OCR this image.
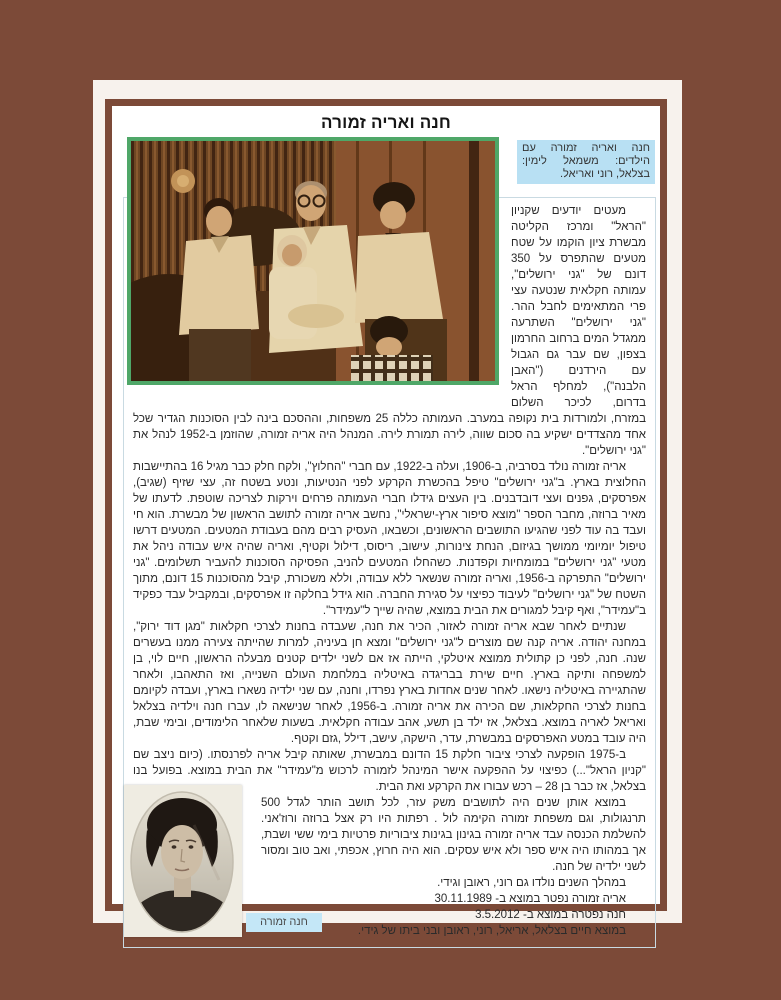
חנה ואריה זמורה
חנה ואריה זמורה עם הילדים: משמאל לימין: בצלאל, רוני ואריאל.

מעטים יודעים שקניון "הראל" ומרכז הקליטה מבשרת ציון הוקמו על שטח מטעים שהתפרס על 350 דונם של "גני ירושלים", עמותה חקלאית שנטעה עצי פרי המתאימים לחבל ההר. "גני ירושלים" השתרעה ממגדל המים ברחוב החרמון בצפון, שם עבר גם הגבול עם הירדנים ("האבן הלבנה"), למחלף הראל בדרום, לכיכר השלום במזרח, ולמורדות בית נקופה במערב. העמותה כללה 25 משפחות, וההסכם בינה לבין הסוכנות הגדיר שכל אחד מהצדדים ישקיע בה סכום שווה, לירה תמורת לירה. המנהל היה אריה זמורה, שהוזמן ב-1952 לנהל את "גני ירושלים".

אריה זמורה נולד בסרביה, ב-1906, ועלה ב-1922, עם חברי "החלוץ", ולקח חלק כבר מגיל 16 בהתיישבות החלוצית בארץ. ב"גני ירושלים" טיפל בהכשרת הקרקע לפני הנטיעות, ונטע בשטח זה, עצי שזיף (שגיב), אפרסקים, גפנים ועצי דובדבנים. בין העצים גידלו חברי העמותה פרחים וירקות לצריכה שוטפת. לדעתו של מאיר ברוזה, מחבר הספר "מוצא סיפור ארץ-ישראלי", נחשב אריה זמורה לתושב הראשון של מבשרת. הוא חי ועבד בה עוד לפני שהגיעו התושבים הראשונים, וכשבאו, העסיק רבים מהם בעבודת המטעים. המטעים דרשו טיפול יומיומי ממושך בגיזום, הנחת צינורות, עישוב, ריסוס, דילול וקטיף, ואריה שהיה איש עבודה ניהל את מטעי "גני ירושלים" במומחיות וקפדנות. כשהחלו המטעים להניב, הפסיקה הסוכנות להעביר תשלומים. "גני ירושלים" התפרקה ב-1956, ואריה זמורה שנשאר ללא עבודה, וללא משכורת, קיבל מהסוכנות 15 דונם, מתוך השטח של "גני ירושלים" לעיבוד כפיצוי על סגירת החברה. הוא גידל בחלקה זו אפרסקים, ובמקביל עבד כפקיד ב"עמידר", ואף קיבל למגורים את הבית במוצא, שהיה שייך ל"עמידר".

שנתיים לאחר שבא אריה זמורה לאזור, הכיר את חנה, שעבדה בחנות לצרכי חקלאות "מגן דוד ירוק", במחנה יהודה. אריה קנה שם מוצרים ל"גני ירושלים" ומצא חן בעיניה, למרות שהייתה צעירה ממנו בעשרים שנה. חנה, לפני כן קתולית ממוצא איטלקי, הייתה אז אם לשני ילדים קטנים מבעלה הראשון, חיים לוי, בן למשפחה ותיקה בארץ. חיים שירת בבריגדה באיטליה במלחמת העולם השנייה, ואז התאהבו, ולאחר שהתגיירה באיטליה נישאו. לאחר שנים אחדות בארץ נפרדו, וחנה, עם שני ילדיה נשארו בארץ, ועבדה לקיומם בחנות לצרכי החקלאות, שם הכירה את אריה זמורה. ב-1956, לאחר שנישאה לו, עברו חנה וילדיה בצלאל ואריאל לאריה במוצא. בצלאל, אז ילד בן תשע, אהב עבודה חקלאית. בשעות שלאחר הלימודים, ובימי שבת, היה עובד במטע האפרסקים במבשרת, עדר, הישקה, עישב, דילל ,גזם וקטף.

ב-1975 הופקעה לצרכי ציבור חלקת 15 הדונם במבשרת, שאותה קיבל אריה לפרנסתו. (כיום ניצב שם "קניון הראל"...) כפיצוי על ההפקעה אישר המינהל לזמורה לרכוש מ"עמידר" את הבית במוצא. בפועל בנו בצלאל, אז כבר בן 28 – רכש עבורו את הקרקע ואת הבית.

חנה זמורה

במוצא אותן שנים היה לתושבים משק עזר, לכל תושב הותר לגדל 500 תרנגולות, וגם משפחת זמורה הקימה לול . רפתות היו רק אצל ברוזה ורוז'אני. להשלמת הכנסה עבד אריה זמורה בגינון בגינות ציבוריות פרטיות בימי ששי ושבת, אך במהותו היה איש ספר ולא איש עסקים. הוא היה חרוץ, אכפתי, ואב טוב ומסור לשני ילדיה של חנה.

במהלך השנים נולדו גם רוני, ראובן וגידי.

אריה זמורה נפטר במוצא ב- 30.11.1989

חנה נפטרה במוצא ב- 3.5.2012

במוצא חיים בצלאל, אריאל, רוני, ראובן ובני ביתו של גידי.
